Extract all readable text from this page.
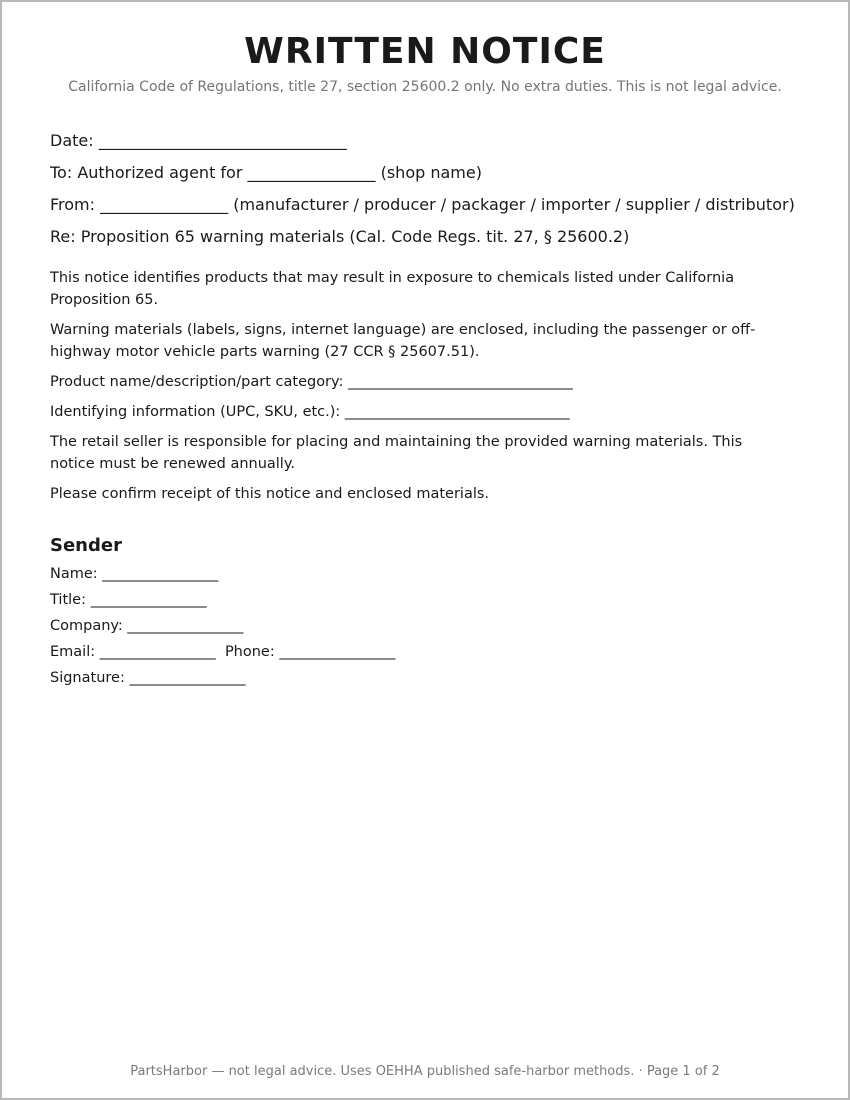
WRITTEN NOTICE
California Code of Regulations, title 27, section 25600.2 only. No extra duties. This is not legal advice.
Date: _______________________________
To: Authorized agent for ________________ (shop name)
From: ________________ (manufacturer / producer / packager / importer / supplier / distributor)
Re: Proposition 65 warning materials (Cal. Code Regs. tit. 27, § 25600.2)

This notice identifies products that may result in exposure to chemicals listed under California Proposition 65.

Warning materials (labels, signs, internet language) are enclosed, including the passenger or off-highway motor vehicle parts warning (27 CCR § 25607.51).

Product name/description/part category: _______________________________

Identifying information (UPC, SKU, etc.): _______________________________

The retail seller is responsible for placing and maintaining the provided warning materials. This notice must be renewed annually.

Please confirm receipt of this notice and enclosed materials.

Sender
Name: ________________
Title: ________________
Company: ________________
Email: ________________  Phone: ________________
Signature: ________________
PartsHarbor — not legal advice. Uses OEHHA published safe-harbor methods. · Page 1 of 2
